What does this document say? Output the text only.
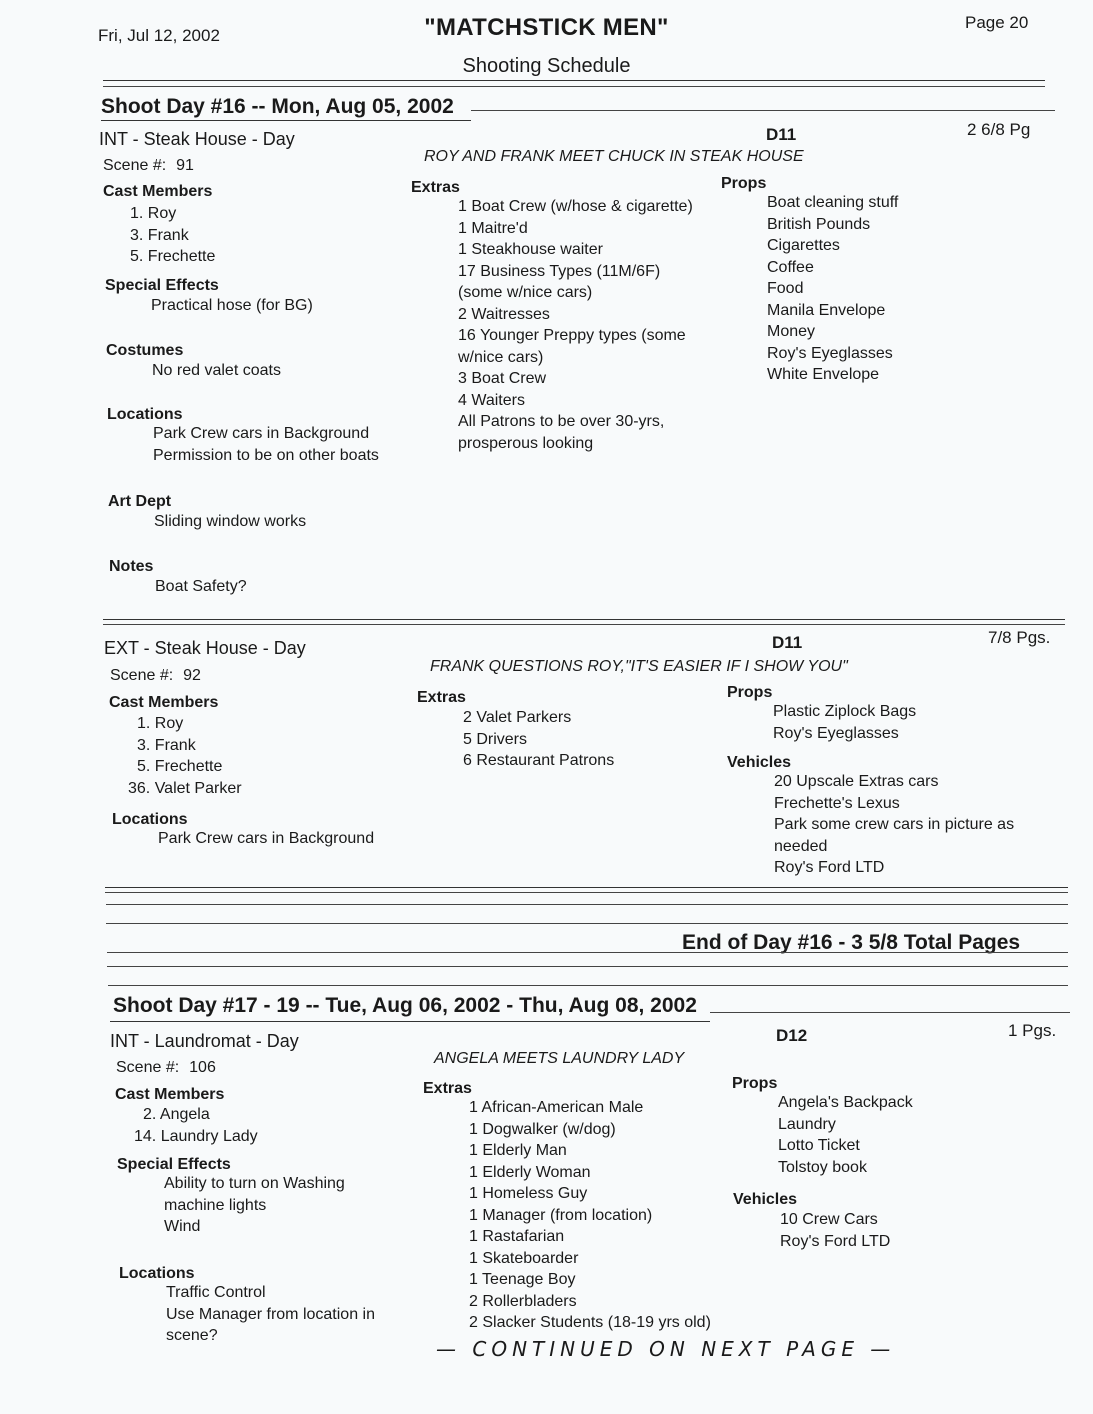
Fri, Jul 12, 2002	"MATCHSTICK MEN"
Shooting Schedule
Page 20
Shoot Day #16 -- Mon, Aug 05, 2002
INT - Steak House - Day
Scene #: 91
D11	2 6/8 Pg
ROY AND FRANK MEET CHUCK IN STEAK HOUSE
Cast Members
1. Roy
3. Frank
5. Frechette
Special Effects
Practical hose (for BG)
Costumes
No red valet coats
Locations
Park Crew cars in Background
Permission to be on other boats
Art Dept
Sliding window works
Notes
Boat Safety?
Extras
1 Boat Crew (w/hose & cigarette)
1 Maitre'd
1 Steakhouse waiter
17 Business Types (11M/6F)
(some w/nice cars)
2 Waitresses
16 Younger Preppy types (some
w/nice cars)
3 Boat Crew
4 Waiters
All Patrons to be over 30-yrs,
prosperous looking
Props
Boat cleaning stuff
British Pounds
Cigarettes
Coffee
Food
Manila Envelope
Money
Roy's Eyeglasses
White Envelope
EXT - Steak House - Day
Scene #: 92
D11	7/8 Pgs.
FRANK QUESTIONS ROY,"IT'S EASIER IF I SHOW YOU"
Cast Members
1. Roy
3. Frank
5. Frechette
36. Valet Parker
Locations
Park Crew cars in Background
Extras
2 Valet Parkers
5 Drivers
6 Restaurant Patrons
Props
Plastic Ziplock Bags
Roy's Eyeglasses
Vehicles
20 Upscale Extras cars
Frechette's Lexus
Park some crew cars in picture as
needed
Roy's Ford LTD
End of Day #16 - 3 5/8 Total Pages
Shoot Day #17 - 19 -- Tue, Aug 06, 2002 - Thu, Aug 08, 2002
INT - Laundromat - Day
Scene #: 106
D12	1 Pgs.
ANGELA MEETS LAUNDRY LADY
Cast Members
2. Angela
14. Laundry Lady
Special Effects
Ability to turn on Washing
machine lights
Wind
Locations
Traffic Control
Use Manager from location in
scene?
Extras
1 African-American Male
1 Dogwalker (w/dog)
1 Elderly Man
1 Elderly Woman
1 Homeless Guy
1 Manager (from location)
1 Rastafarian
1 Skateboarder
1 Teenage Boy
2 Rollerbladers
2 Slacker Students (18-19 yrs old)
Props
Angela's Backpack
Laundry
Lotto Ticket
Tolstoy book
Vehicles
10 Crew Cars
Roy's Ford LTD
— CONTINUED ON NEXT PAGE —
